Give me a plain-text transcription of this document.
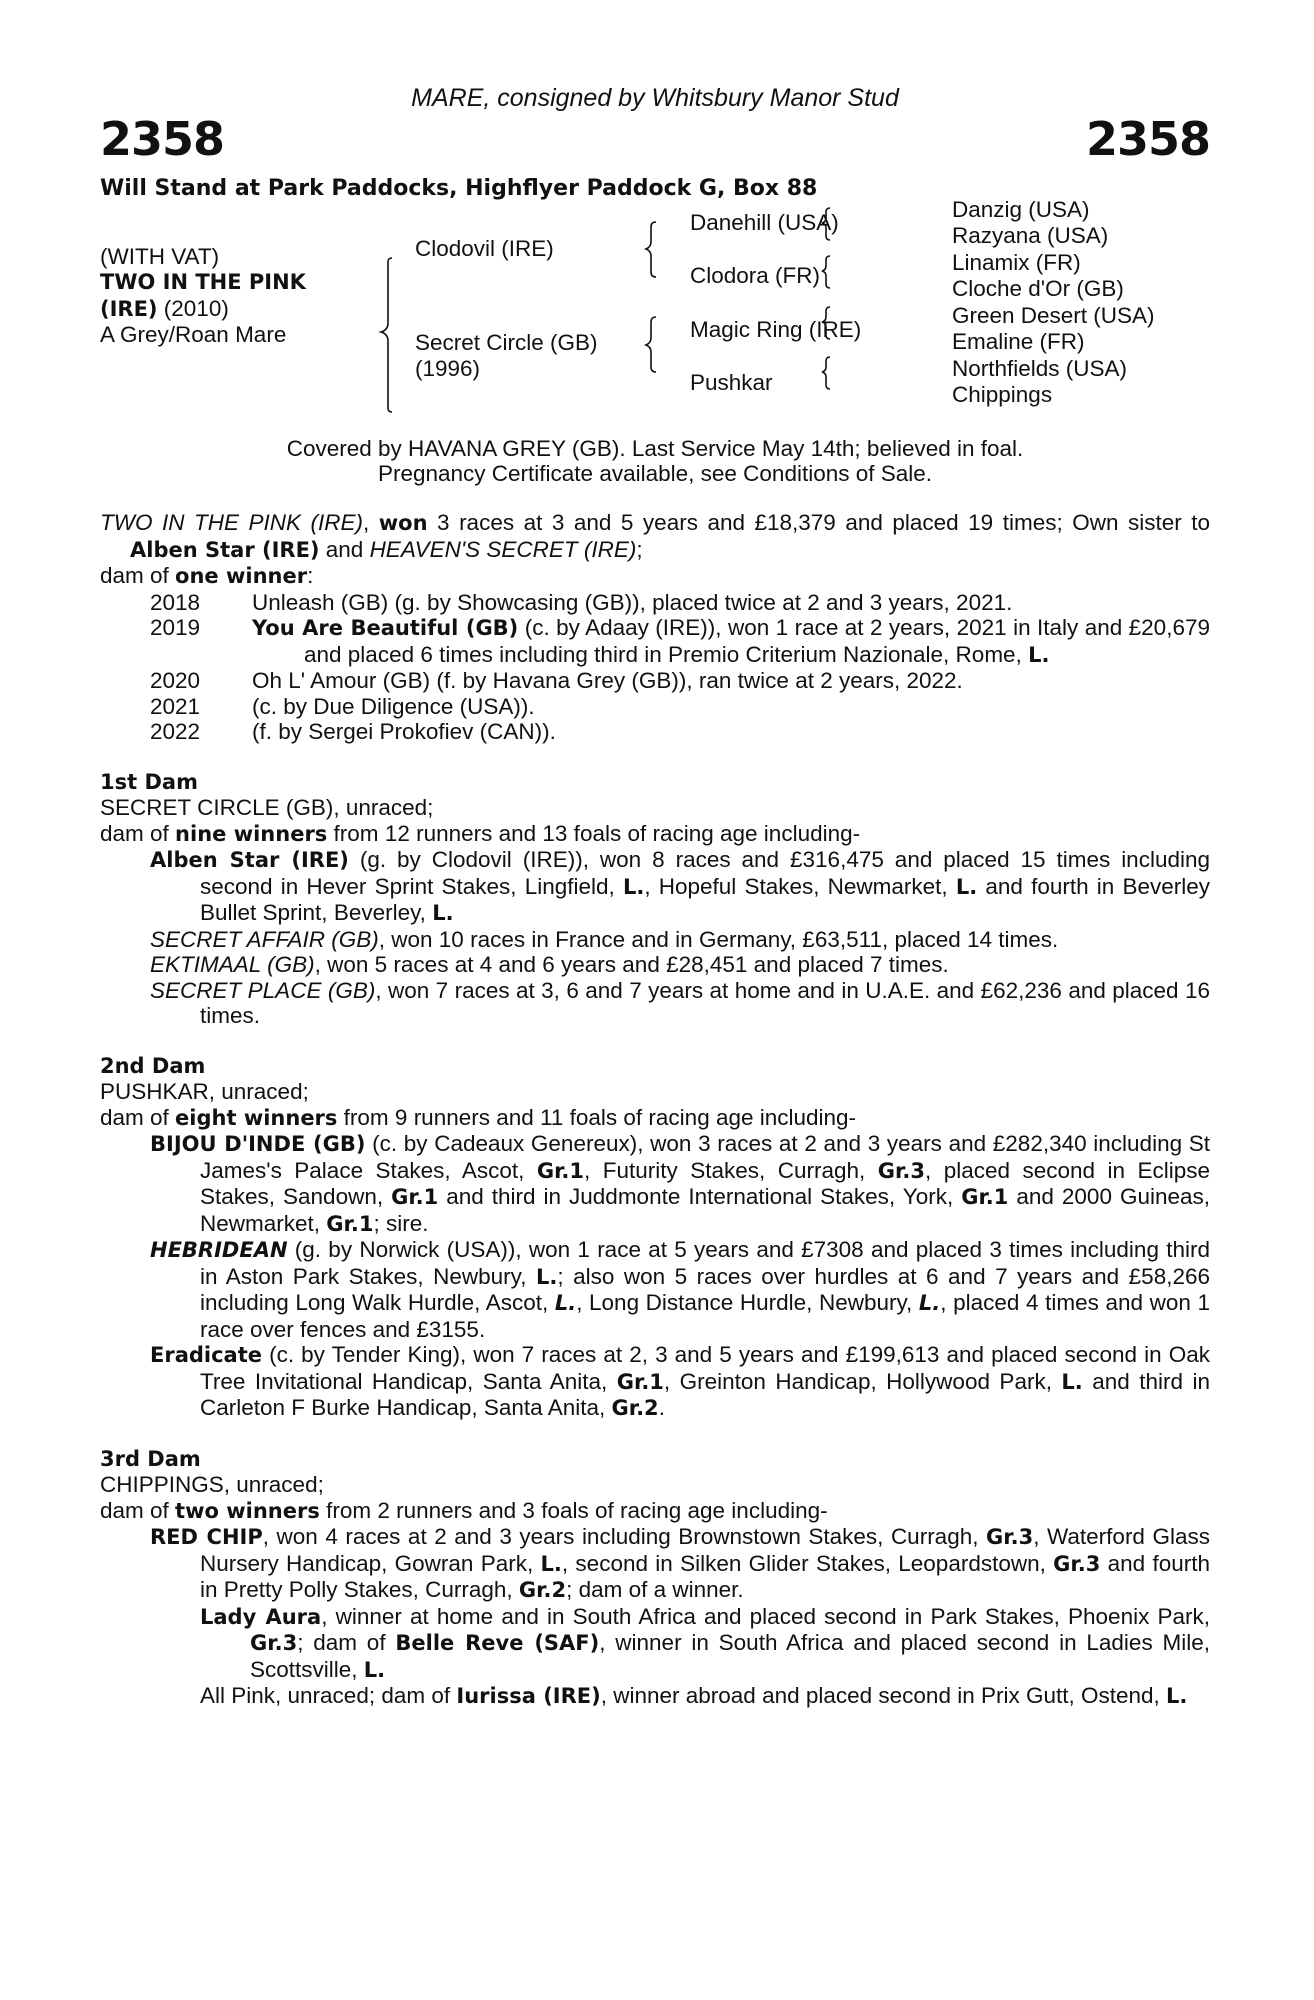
MARE, consigned by Whitsbury Manor Stud
2358	2358
Will Stand at Park Paddocks, Highflyer Paddock G, Box 88
(WITH VAT)
TWO IN THE PINK
(IRE) (2010)
A Grey/Roan Mare
Clodovil (IRE)
Secret Circle (GB)
(1996)
Danehill (USA)
Clodora (FR)
Magic Ring (IRE)
Pushkar
Danzig (USA)
Razyana (USA)
Linamix (FR)
Cloche d'Or (GB)
Green Desert (USA)
Emaline (FR)
Northfields (USA)
Chippings
Covered by HAVANA GREY (GB). Last Service May 14th; believed in foal.
Pregnancy Certificate available, see Conditions of Sale.

TWO IN THE PINK (IRE), won 3 races at 3 and 5 years and £18,379 and placed 19 times; Own sister to Alben Star (IRE) and HEAVEN'S SECRET (IRE);

dam of one winner:

2018	Unleash (GB) (g. by Showcasing (GB)), placed twice at 2 and 3 years, 2021.
2019	You Are Beautiful (GB) (c. by Adaay (IRE)), won 1 race at 2 years, 2021 in Italy and £20,679 and placed 6 times including third in Premio Criterium Nazionale, Rome, L.
2020	Oh L' Amour (GB) (f. by Havana Grey (GB)), ran twice at 2 years, 2022.
2021	(c. by Due Diligence (USA)).
2022	(f. by Sergei Prokofiev (CAN)).
1st Dam

SECRET CIRCLE (GB), unraced;

dam of nine winners from 12 runners and 13 foals of racing age including-

Alben Star (IRE) (g. by Clodovil (IRE)), won 8 races and £316,475 and placed 15 times including second in Hever Sprint Stakes, Lingfield, L., Hopeful Stakes, Newmarket, L. and fourth in Beverley Bullet Sprint, Beverley, L.

SECRET AFFAIR (GB), won 10 races in France and in Germany, £63,511, placed 14 times.

EKTIMAAL (GB), won 5 races at 4 and 6 years and £28,451 and placed 7 times.

SECRET PLACE (GB), won 7 races at 3, 6 and 7 years at home and in U.A.E. and £62,236 and placed 16 times.

2nd Dam

PUSHKAR, unraced;

dam of eight winners from 9 runners and 11 foals of racing age including-

BIJOU D'INDE (GB) (c. by Cadeaux Genereux), won 3 races at 2 and 3 years and £282,340 including St James's Palace Stakes, Ascot, Gr.1, Futurity Stakes, Curragh, Gr.3, placed second in Eclipse Stakes, Sandown, Gr.1 and third in Juddmonte International Stakes, York, Gr.1 and 2000 Guineas, Newmarket, Gr.1; sire.

HEBRIDEAN (g. by Norwick (USA)), won 1 race at 5 years and £7308 and placed 3 times including third in Aston Park Stakes, Newbury, L.; also won 5 races over hurdles at 6 and 7 years and £58,266 including Long Walk Hurdle, Ascot, L., Long Distance Hurdle, Newbury, L., placed 4 times and won 1 race over fences and £3155.

Eradicate (c. by Tender King), won 7 races at 2, 3 and 5 years and £199,613 and placed second in Oak Tree Invitational Handicap, Santa Anita, Gr.1, Greinton Handicap, Hollywood Park, L. and third in Carleton F Burke Handicap, Santa Anita, Gr.2.

3rd Dam

CHIPPINGS, unraced;

dam of two winners from 2 runners and 3 foals of racing age including-

RED CHIP, won 4 races at 2 and 3 years including Brownstown Stakes, Curragh, Gr.3, Waterford Glass Nursery Handicap, Gowran Park, L., second in Silken Glider Stakes, Leopardstown, Gr.3 and fourth in Pretty Polly Stakes, Curragh, Gr.2; dam of a winner.

Lady Aura, winner at home and in South Africa and placed second in Park Stakes, Phoenix Park, Gr.3; dam of Belle Reve (SAF), winner in South Africa and placed second in Ladies Mile, Scottsville, L.

All Pink, unraced; dam of Iurissa (IRE), winner abroad and placed second in Prix Gutt, Ostend, L.
